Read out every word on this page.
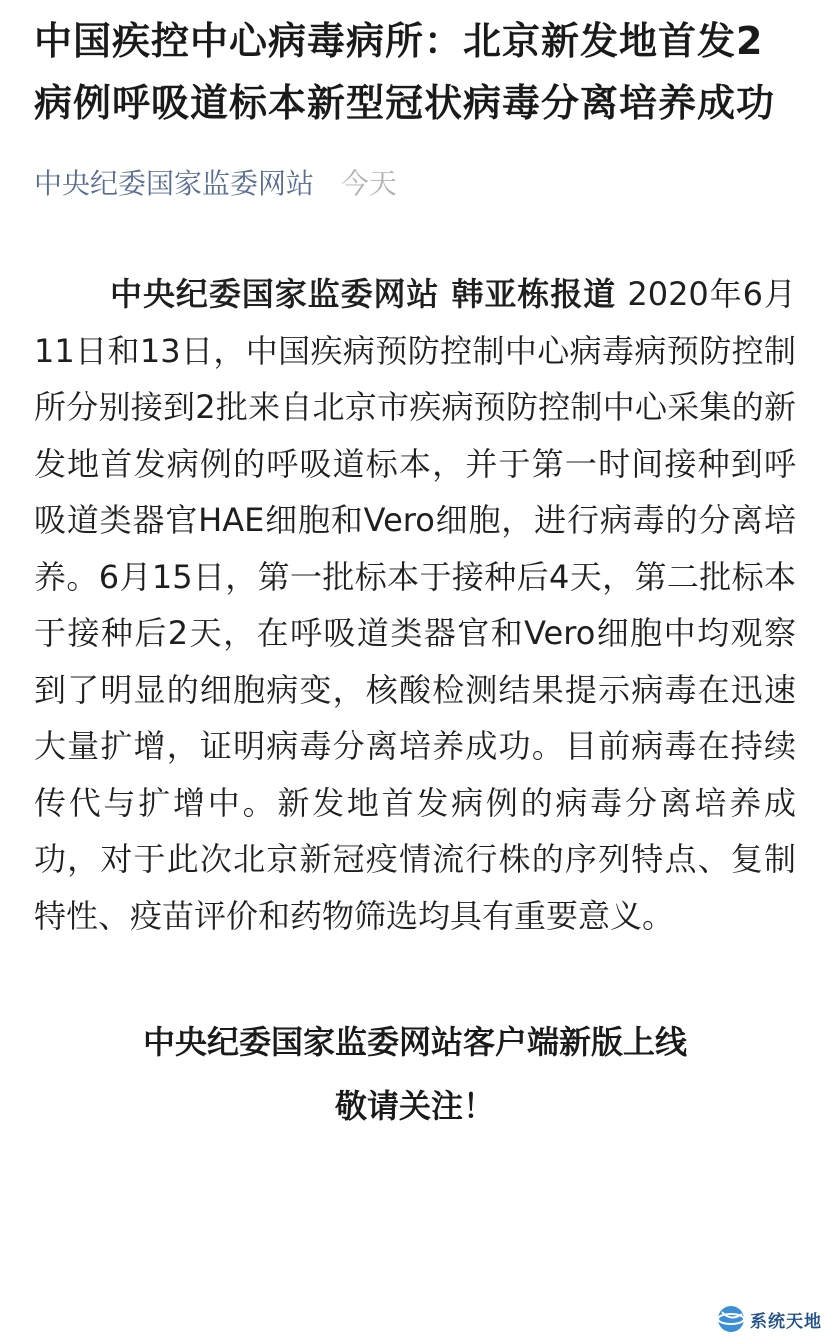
中国疾控中心病毒病所：北京新发地首发2病例呼吸道标本新型冠状病毒分离培养成功
中央纪委国家监委网站 今天

中央纪委国家监委网站 韩亚栋报道 2020年6月11日和13日，中国疾病预防控制中心病毒病预防控制所分别接到2批来自北京市疾病预防控制中心采集的新发地首发病例的呼吸道标本，并于第一时间接种到呼吸道类器官HAE细胞和Vero细胞，进行病毒的分离培养。6月15日，第一批标本于接种后4天，第二批标本于接种后2天，在呼吸道类器官和Vero细胞中均观察到了明显的细胞病变，核酸检测结果提示病毒在迅速大量扩增，证明病毒分离培养成功。目前病毒在持续传代与扩增中。新发地首发病例的病毒分离培养成功，对于此次北京新冠疫情流行株的序列特点、复制特性、疫苗评价和药物筛选均具有重要意义。

中央纪委国家监委网站客户端新版上线
敬请关注！
系统天地
